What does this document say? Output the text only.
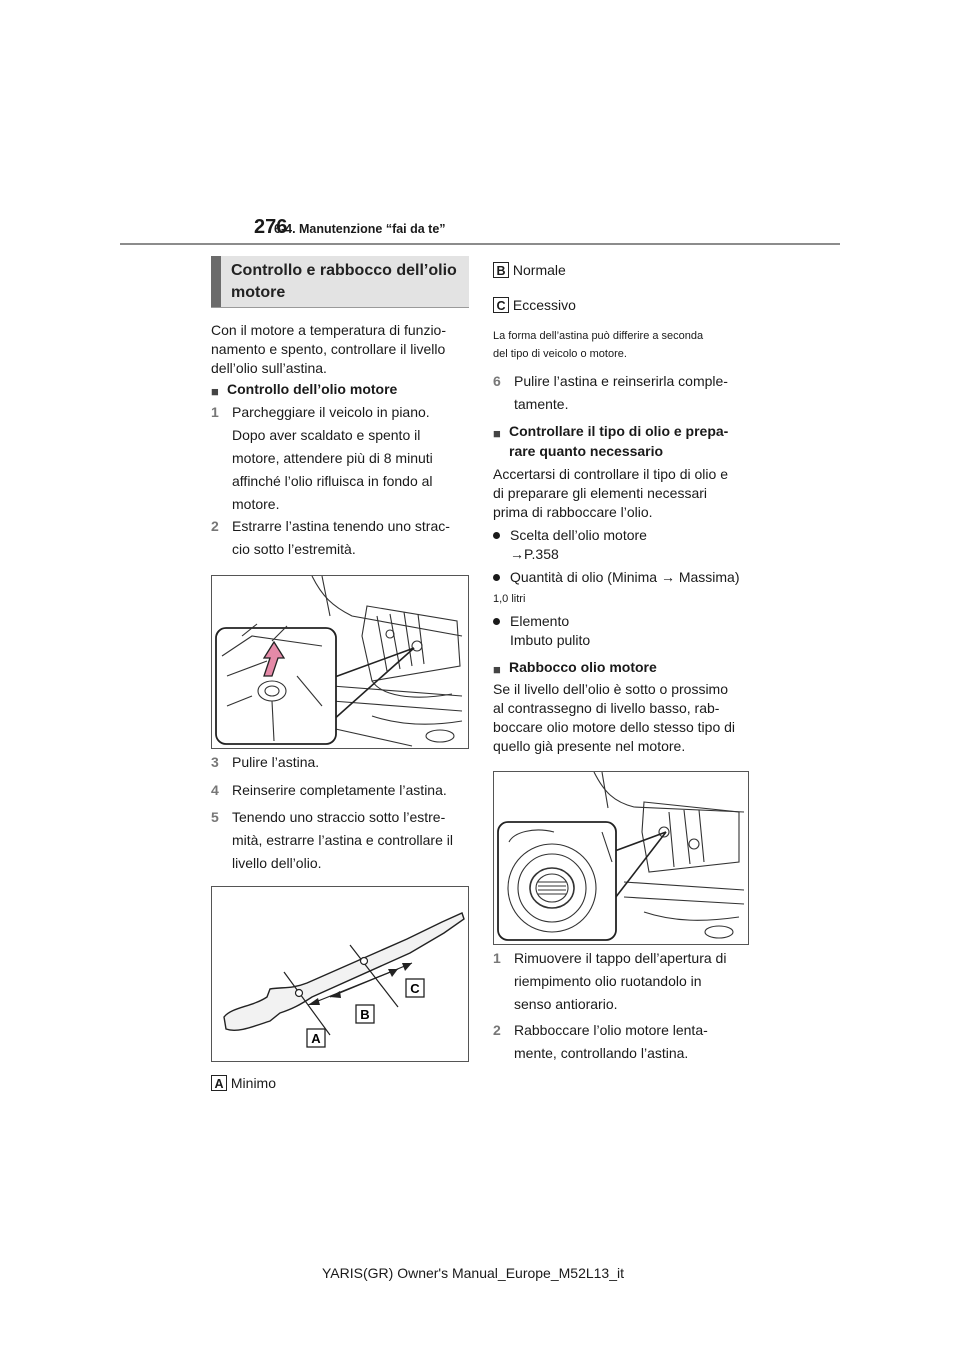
276
6-4. Manutenzione “fai da te”
Controllo e rabbocco dell’olio motore
Con il motore a temperatura di funzio-
namento e spento, controllare il livello
dell’olio sull’astina.
■ Controllo dell’olio motore
1 Parcheggiare il veicolo in piano.
Dopo aver scaldato e spento il
motore, attendere più di 8 minuti
affinché l’olio rifluisca in fondo al
motore.
2 Estrarre l’astina tenendo uno strac-
cio sotto l’estremità.
3 Pulire l’astina.
4 Reinserire completamente l’astina.
5 Tenendo uno straccio sotto l’estre-
mità, estrarre l’astina e controllare il
livello dell’olio.
A
B
C
A Minimo
B Normale
C Eccessivo
La forma dell’astina può differire a seconda
del tipo di veicolo o motore.
6 Pulire l’astina e reinserirla comple-
tamente.
■ Controllare il tipo di olio e prepa-
rare quanto necessario
Accertarsi di controllare il tipo di olio e
di preparare gli elementi necessari
prima di rabboccare l’olio.
Scelta dell’olio motore
→P.358
Quantità di olio (Minima → Massima)
1,0 litri
Elemento
Imbuto pulito
■ Rabbocco olio motore
Se il livello dell’olio è sotto o prossimo
al contrassegno di livello basso, rab-
boccare olio motore dello stesso tipo di
quello già presente nel motore.
1 Rimuovere il tappo dell’apertura di
riempimento olio ruotandolo in
senso antiorario.
2 Rabboccare l’olio motore lenta-
mente, controllando l’astina.
YARIS(GR) Owner's Manual_Europe_M52L13_it
